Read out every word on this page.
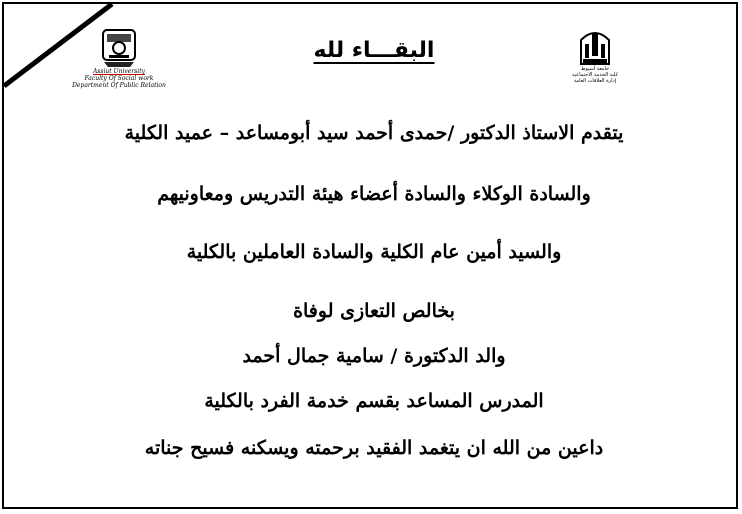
Assiut University
Faculty Of Social work
Department Of Public Relation
البقـــاء لله
جامعة أسيوط
كلية الخدمة الاجتماعية
إدارة العلاقات العامة
يتقدم الاستاذ الدكتور /حمدى أحمد سيد أبومساعد – عميد الكلية
والسادة الوكلاء والسادة أعضاء هيئة التدريس ومعاونيهم
والسيد أمين عام الكلية والسادة العاملين بالكلية
بخالص التعازى لوفاة
والد الدكتورة / سامية جمال أحمد
المدرس المساعد بقسم خدمة الفرد بالكلية
داعين من الله ان يتغمد الفقيد برحمته ويسكنه فسيح جناته
